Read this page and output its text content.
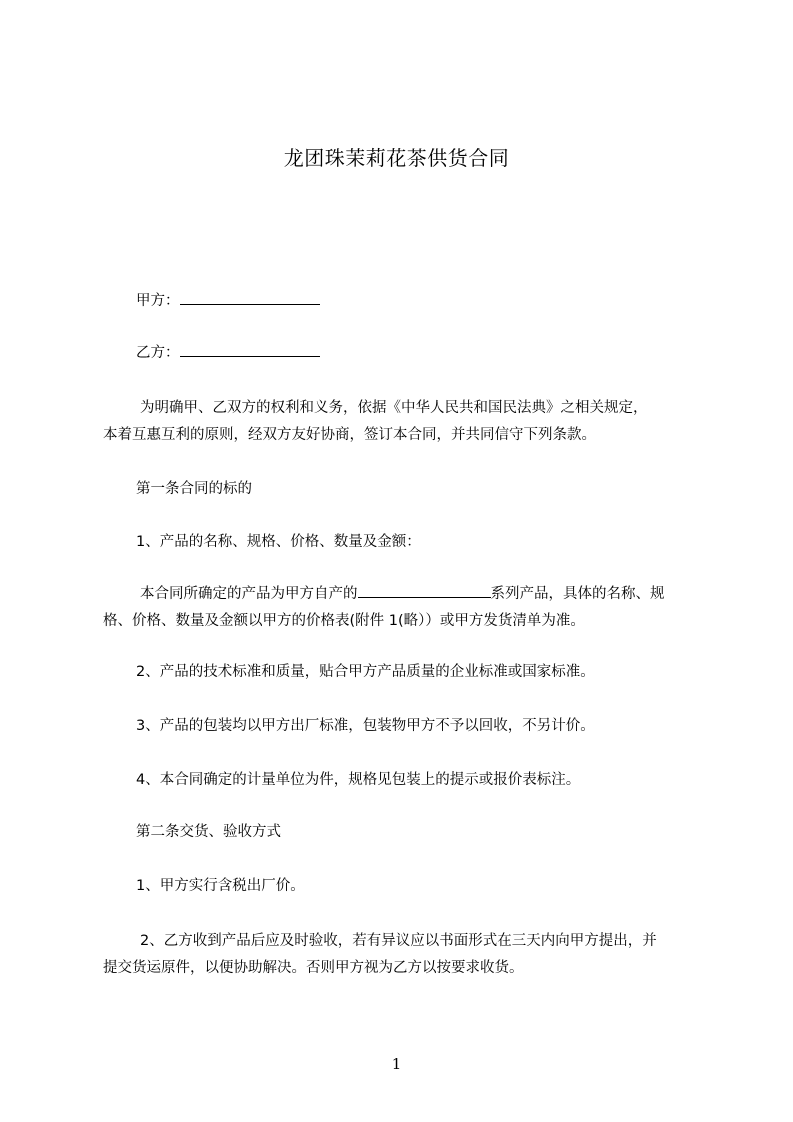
龙团珠茉莉花茶供货合同
甲方：
乙方：
为明确甲、乙双方的权利和义务，依据《中华人民共和国民法典》之相关规定，
本着互惠互利的原则，经双方友好协商，签订本合同，并共同信守下列条款。
第一条合同的标的
1、产品的名称、规格、价格、数量及金额：
本合同所确定的产品为甲方自产的	系列产品，具体的名称、规
格、价格、数量及金额以甲方的价格表(附件 1(略））或甲方发货清单为准。
2、产品的技术标准和质量，贴合甲方产品质量的企业标准或国家标准。
3、产品的包装均以甲方出厂标准，包装物甲方不予以回收，不另计价。
4、本合同确定的计量单位为件，规格见包装上的提示或报价表标注。
第二条交货、验收方式
1、甲方实行含税出厂价。
2、乙方收到产品后应及时验收，若有异议应以书面形式在三天内向甲方提出，并
提交货运原件，以便协助解决。否则甲方视为乙方以按要求收货。
1
